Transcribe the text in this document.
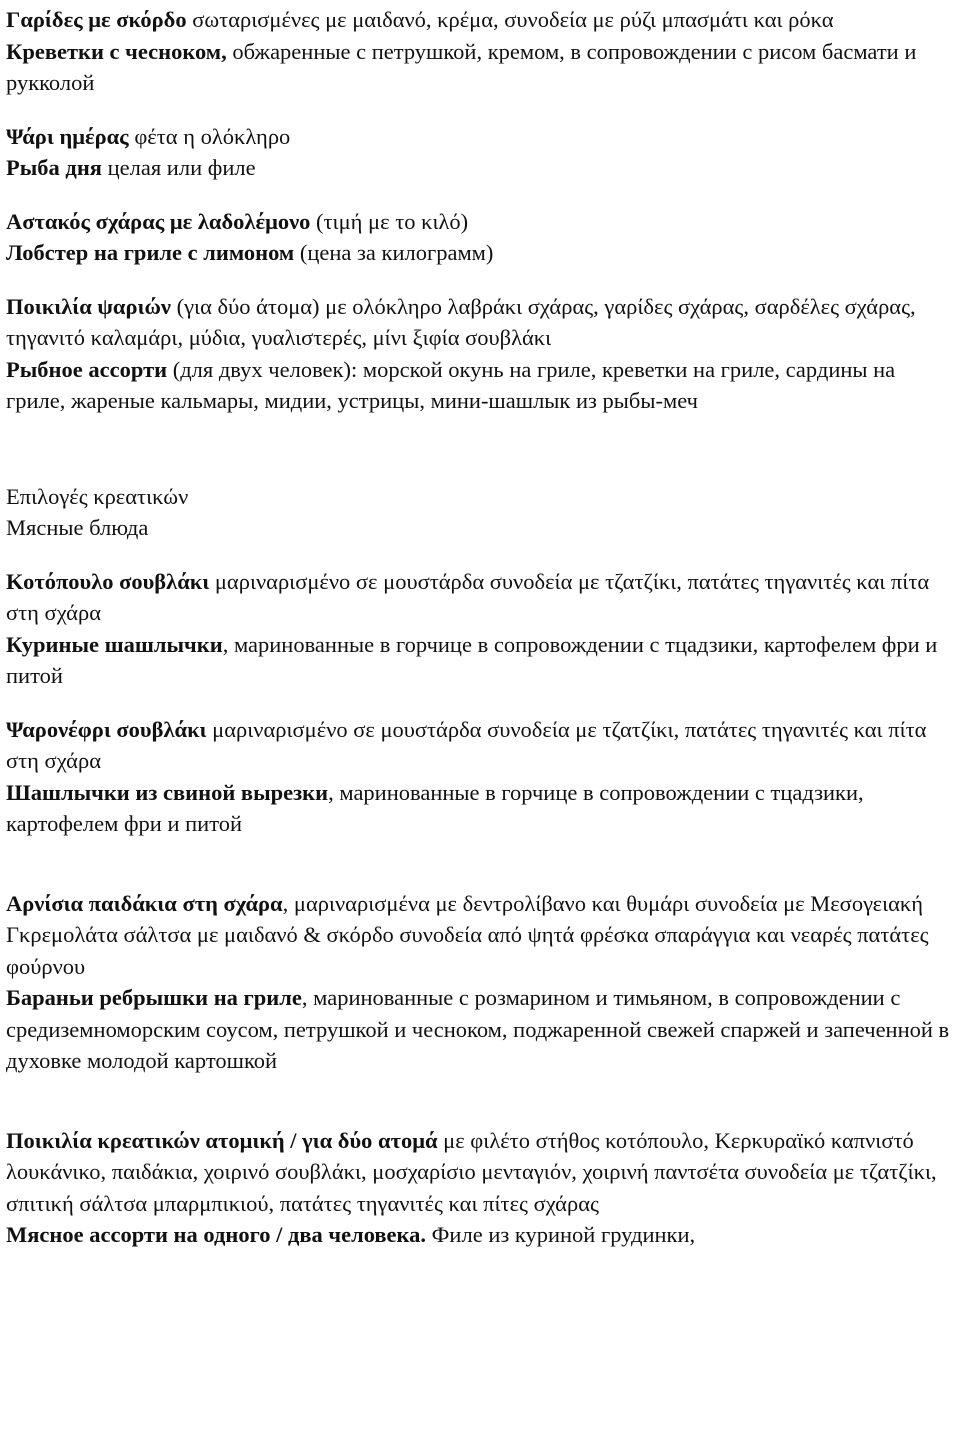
Γαρίδες με σκόρδο σωταρισμένες με μαιδανό, κρέμα, συνοδεία με ρύζι μπασμάτι και ρόκα

Креветки с чесноком, обжаренные с петрушкой, кремом, в сопровождении с рисом басмати и рукколой

Ψάρι ημέρας φέτα η ολόκληρο

Рыба дня целая или филе

Αστακός σχάρας με λαδολέμονο (τιμή με το κιλό)

Лобстер на гриле с лимоном (цена за килограмм)

Ποικιλία ψαριών (για δύο άτομα) με ολόκληρο λαβράκι σχάρας, γαρίδες σχάρας, σαρδέλες σχάρας, τηγανιτό καλαμάρι, μύδια, γυαλιστερές, μίνι ξιφία σουβλάκι

Рыбное ассорти (для двух человек): морской окунь на гриле, креветки на гриле, сардины на гриле, жареные кальмары, мидии, устрицы, мини-шашлык из рыбы-меч

Επιλογές κρεατικών

Мясные блюда

Κοτόπουλο σουβλάκι μαριναρισμένο σε μουστάρδα συνοδεία με τζατζίκι, πατάτες τηγανιτές και πίτα στη σχάρα

Куриные шашлычки, маринованные в горчице в сопровождении с тцадзики, картофелем фри и питой

Ψαρονέφρι σουβλάκι μαριναρισμένο σε μουστάρδα συνοδεία με τζατζίκι, πατάτες τηγανιτές και πίτα στη σχάρα

Шашлычки из свиной вырезки, маринованные в горчице в сопровождении с тцадзики, картофелем фри и питой

Αρνίσια παιδάκια στη σχάρα, μαριναρισμένα με δεντρολίβανο και θυμάρι συνοδεία με Μεσογειακή Γκρεμολάτα σάλτσα με μαιδανό & σκόρδο συνοδεία από ψητά φρέσκα σπαράγγια και νεαρές πατάτες φούρνου

Бараньи ребрышки на гриле, маринованные с розмарином и тимьяном, в сопровождении с средиземноморским соусом, петрушкой и чесноком, поджаренной свежей спаржей и запеченной в духовке молодой картошкой

Ποικιλία κρεατικών ατομική / για δύο ατομά με φιλέτο στήθος κοτόπουλο, Κερκυραϊκό καπνιστό λουκάνικο, παιδάκια, χοιρινό σουβλάκι, μοσχαρίσιο μενταγιόν, χοιρινή παντσέτα συνοδεία με τζατζίκι, σπιτική σάλτσα μπαρμπικιού, πατάτες τηγανιτές και πίτες σχάρας

Мясное ассорти на одного / два человека. Филе из куриной грудинки,
